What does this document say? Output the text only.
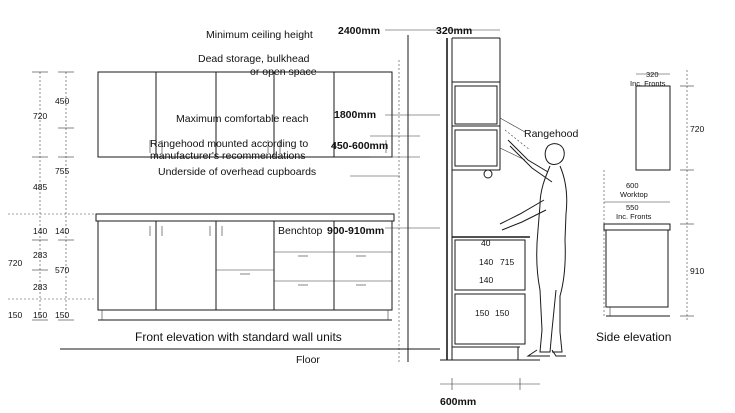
720
450
755
485
140 140
720
283
570
283
150 150 150
Front elevation with standard wall units
Minimum ceiling height 2400mm
Dead storage, bulkhead
or open space
Maximum comfortable reach 1800mm
Rangehood mounted according to
manufacturer's recommendations
450-600mm
Underside of overhead cupboards
Benchtop 900-910mm
Floor
Rangehood
40
140 715
140
150 150
320mm
600mm
320
Inc. Fronts
720
910
600
Worktop
550
Inc. Fronts
Side elevation
